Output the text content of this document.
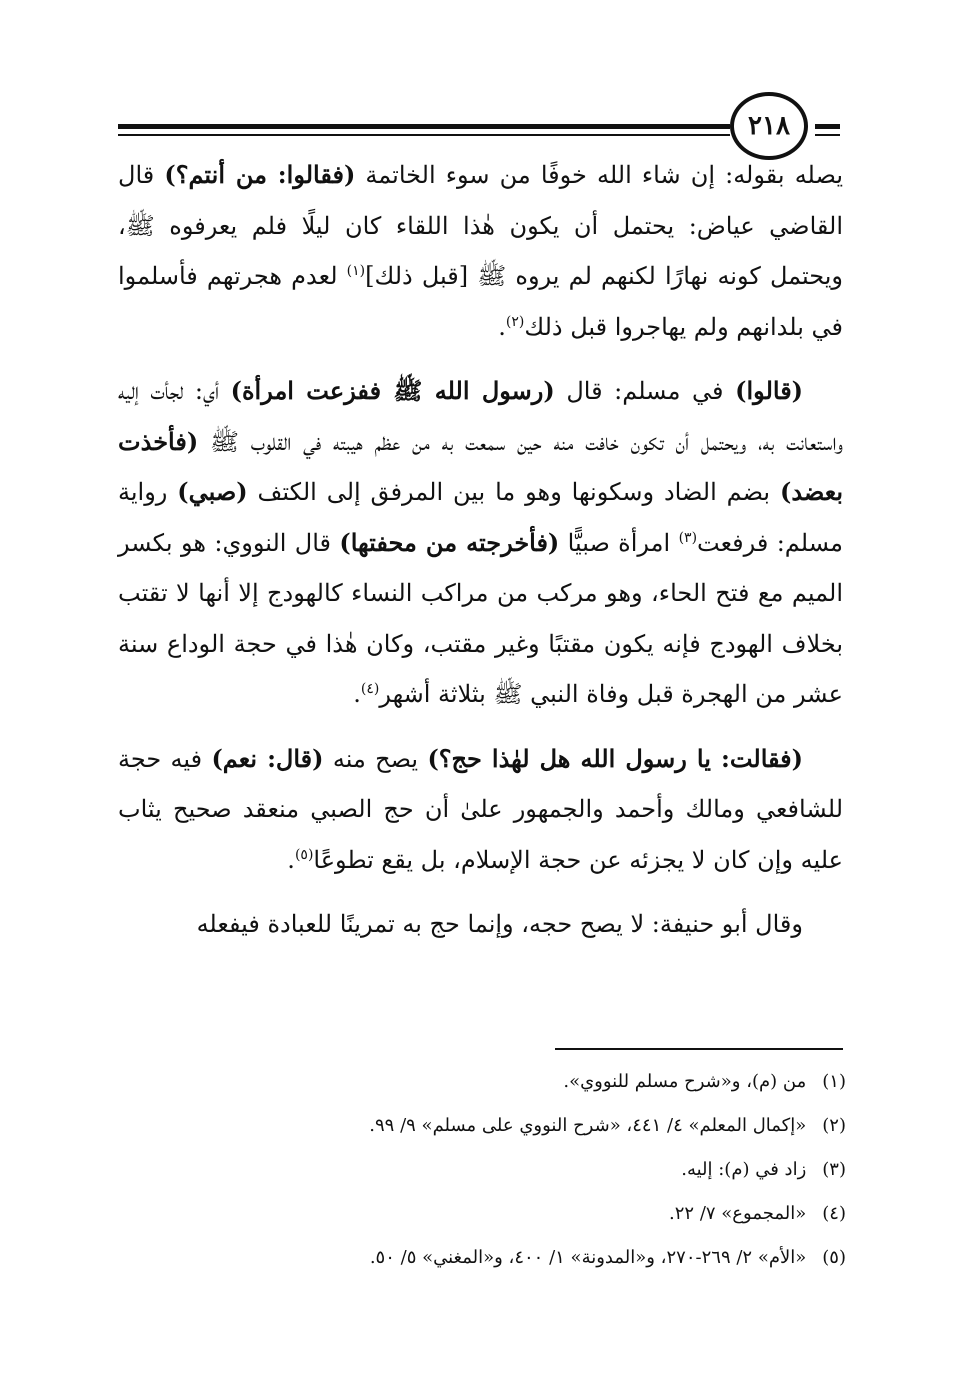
٢١٨

يصله بقوله: إن شاء الله خوفًا من سوء الخاتمة (فقالوا: من أنتم؟) قال القاضي عياض: يحتمل أن يكون هٰذا اللقاء كان ليلًا فلم يعرفوه ﷺ، ويحتمل كونه نهارًا لكنهم لم يروه ﷺ [قبل ذلك]$^{(١)}$ لعدم هجرتهم فأسلموا في بلدانهم ولم يهاجروا قبل ذلك$^{(٢)}$.

(قالوا) في مسلم: قال (رسول الله ﷺ ففزعت امرأة) أي: لجأت إليه واستعانت به، ويحتمل أن تكون خافت منه حين سمعت به من عظم هيبته في القلوب ﷺ (فأخذت بعضد) بضم الضاد وسكونها وهو ما بين المرفق إلى الكتف (صبي) رواية مسلم: فرفعت$^{(٣)}$ امرأة صبيًّا (فأخرجته من محفتها) قال النووي: هو بكسر الميم مع فتح الحاء، وهو مركب من مراكب النساء كالهودج إلا أنها لا تقتب بخلاف الهودج فإنه يكون مقتبًا وغير مقتب، وكان هٰذا في حجة الوداع سنة عشر من الهجرة قبل وفاة النبي ﷺ بثلاثة أشهر$^{(٤)}$.

(فقالت: يا رسول الله هل لهٰذا حج؟) يصح منه (قال: نعم) فيه حجة للشافعي ومالك وأحمد والجمهور علىٰ أن حج الصبي منعقد صحيح يثاب عليه وإن كان لا يجزئه عن حجة الإسلام، بل يقع تطوعًا$^{(٥)}$.

وقال أبو حنيفة: لا يصح حجه، وإنما حج به تمرينًا للعبادة فيفعله

(١) من (م)، و«شرح مسلم للنووي».
(٢) «إكمال المعلم» ٤/ ٤٤١، «شرح النووي على مسلم» ٩/ ٩٩.
(٣) زاد في (م): إليه.
(٤) «المجموع» ٧/ ٢٢.
(٥) «الأم» ٢/ ٢٦٩-٢٧٠، و«المدونة» ١/ ٤٠٠، و«المغني» ٥/ ٥٠.
